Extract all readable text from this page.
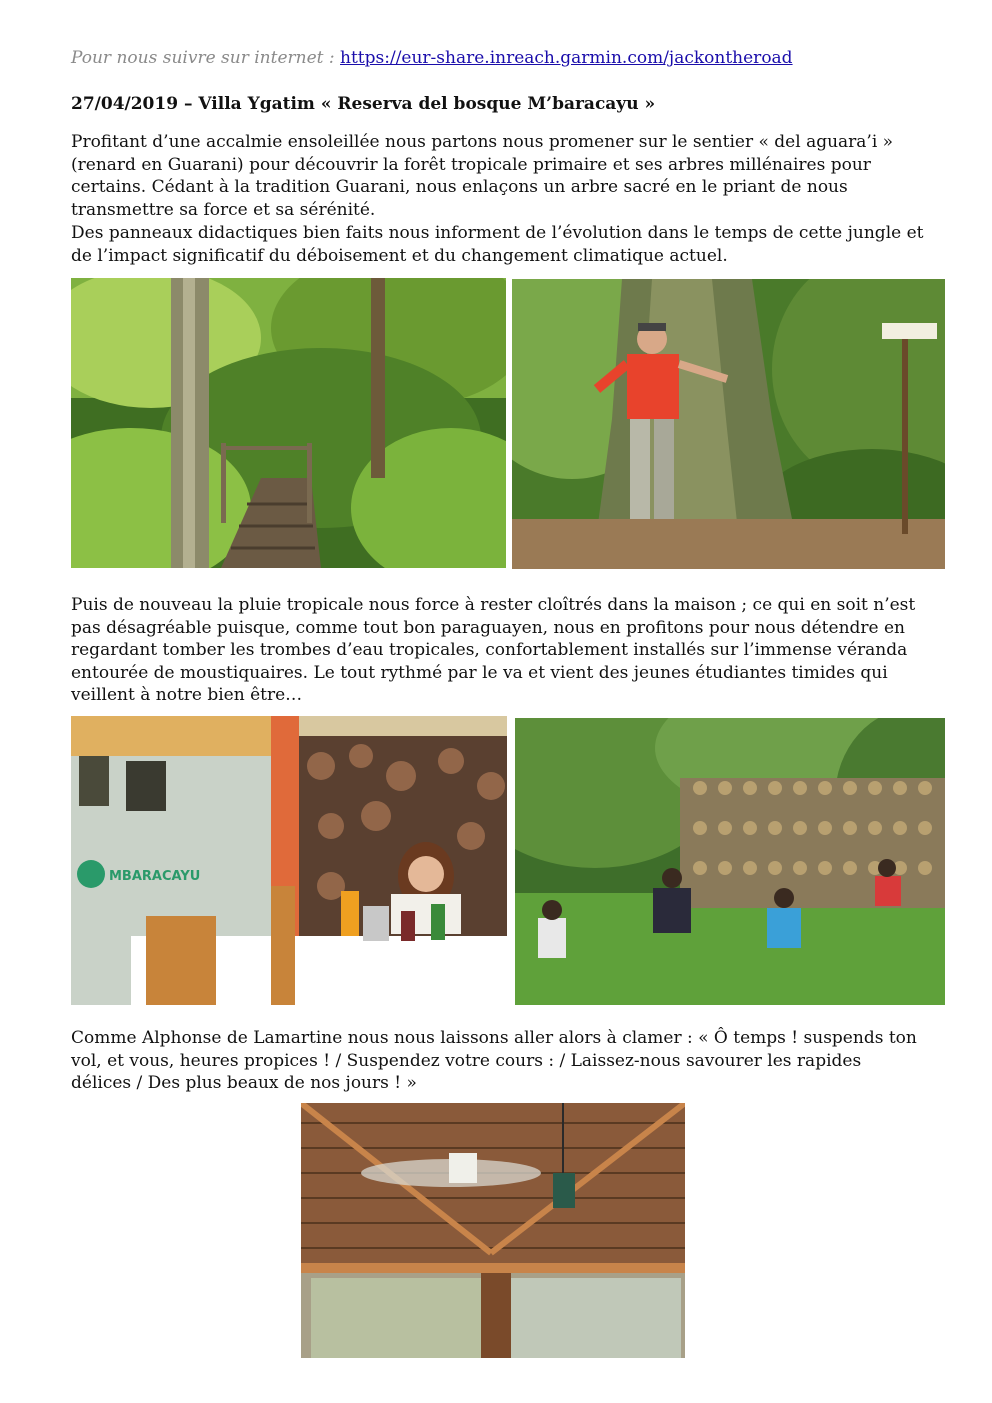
Pour nous suivre sur internet : https://eur-share.inreach.garmin.com/jackontheroad
27/04/2019 – Villa Ygatim « Reserva del bosque M’baracayu »
Profitant d’une accalmie ensoleillée nous partons nous promener sur le sentier « del aguara’i »
(renard en Guarani) pour découvrir la forêt tropicale primaire et ses arbres millénaires pour
certains. Cédant à la tradition Guarani, nous enlaçons un arbre sacré en le priant de nous
transmettre sa force et sa sérénité.
Des panneaux didactiques bien faits nous informent de l’évolution dans le temps de cette jungle et
de l’impact significatif du déboisement et du changement climatique actuel.
Puis de nouveau la pluie tropicale nous force à rester cloîtrés dans la maison ; ce qui en soit n’est
pas désagréable puisque, comme tout bon paraguayen, nous en profitons pour nous détendre en
regardant tomber les trombes d’eau tropicales, confortablement installés sur l’immense véranda
entourée de moustiquaires. Le tout rythmé par le va et vient des jeunes étudiantes timides qui
veillent à notre bien être…
MBARACAYU
Comme Alphonse de Lamartine nous nous laissons aller alors à clamer : « Ô temps ! suspends ton
vol, et vous, heures propices ! / Suspendez votre cours : / Laissez-nous savourer les rapides
délices / Des plus beaux de nos jours ! »
